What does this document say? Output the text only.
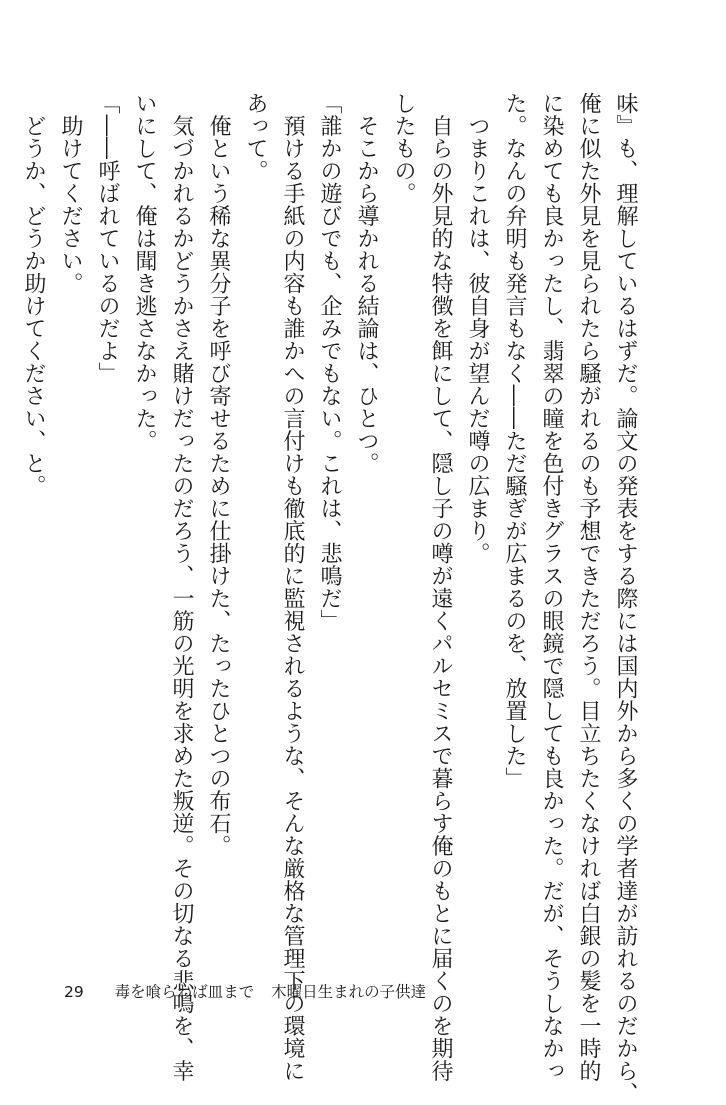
味』も、理解しているはずだ。論文の発表をする際には国内外から多くの学者達が訪れるのだから、
俺に似た外見を見られたら騒がれるのも予想できただろう。目立ちたくなければ白銀の髪を一時的
に染めても良かったし、翡翠の瞳を色付きグラスの眼鏡で隠しても良かった。だが、そうしなかっ
た。なんの弁明も発言もなく――ただ騒ぎが広まるのを、放置した」
　つまりこれは、彼自身が望んだ噂の広まり。
　自らの外見的な特徴を餌にして、隠し子の噂が遠くパルセミスで暮らす俺のもとに届くのを期待
したもの。
　そこから導かれる結論は、ひとつ。
「誰かの遊びでも、企みでもない。これは、悲鳴だ」
　預ける手紙の内容も誰かへの言付けも徹底的に監視されるような、そんな厳格な管理下の環境に
あって。
　俺という稀な異分子を呼び寄せるために仕掛けた、たったひとつの布石。
　気づかれるかどうかさえ賭けだったのだろう、一筋の光明を求めた叛逆。その切なる悲鳴を、幸
いにして、俺は聞き逃さなかった。
「――呼ばれているのだよ」
　助けてください。
　どうか、どうか助けてください、と。
29 毒を喰らわば皿まで 木曜日生まれの子供達
